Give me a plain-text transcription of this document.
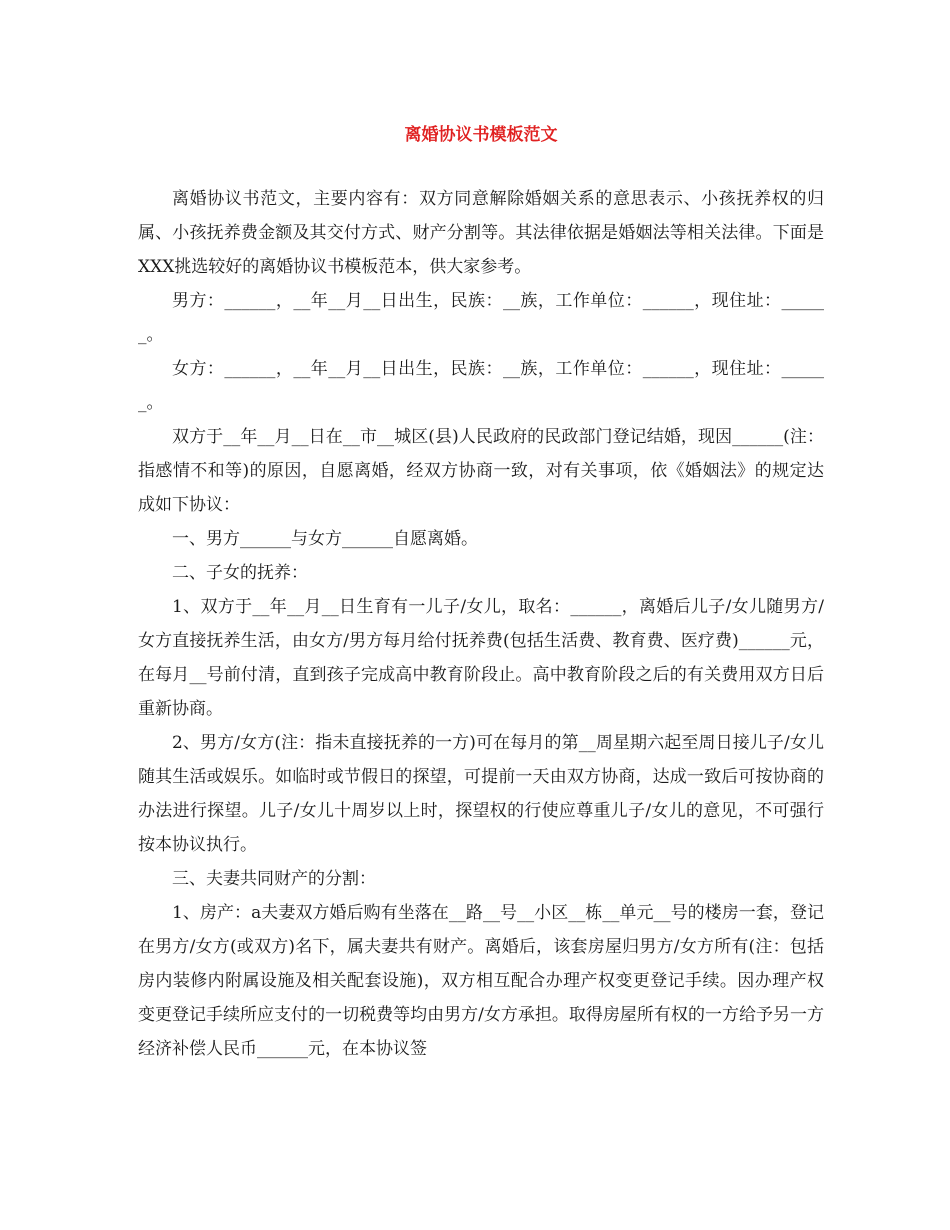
离婚协议书模板范文

离婚协议书范文，主要内容有：双方同意解除婚姻关系的意思表示、小孩抚养权的归属、小孩抚养费金额及其交付方式、财产分割等。其法律依据是婚姻法等相关法律。下面是XXX挑选较好的离婚协议书模板范本，供大家参考。

男方：______，__年__月__日出生，民族：__族，工作单位：______，现住址：______。

女方：______，__年__月__日出生，民族：__族，工作单位：______，现住址：______。

双方于__年__月__日在__市__城区(县)人民政府的民政部门登记结婚，现因______(注：指感情不和等)的原因，自愿离婚，经双方协商一致，对有关事项，依《婚姻法》的规定达成如下协议：

一、男方______与女方______自愿离婚。

二、子女的抚养：

1、双方于__年__月__日生育有一儿子/女儿，取名：______，离婚后儿子/女儿随男方/女方直接抚养生活，由女方/男方每月给付抚养费(包括生活费、教育费、医疗费)______元，在每月__号前付清，直到孩子完成高中教育阶段止。高中教育阶段之后的有关费用双方日后重新协商。

2、男方/女方(注：指未直接抚养的一方)可在每月的第__周星期六起至周日接儿子/女儿随其生活或娱乐。如临时或节假日的探望，可提前一天由双方协商，达成一致后可按协商的办法进行探望。儿子/女儿十周岁以上时，探望权的行使应尊重儿子/女儿的意见，不可强行按本协议执行。

三、夫妻共同财产的分割：

1、房产：a夫妻双方婚后购有坐落在__路__号__小区__栋__单元__号的楼房一套，登记在男方/女方(或双方)名下，属夫妻共有财产。离婚后，该套房屋归男方/女方所有(注：包括房内装修内附属设施及相关配套设施)，双方相互配合办理产权变更登记手续。因办理产权变更登记手续所应支付的一切税费等均由男方/女方承担。取得房屋所有权的一方给予另一方经济补偿人民币______元，在本协议签
